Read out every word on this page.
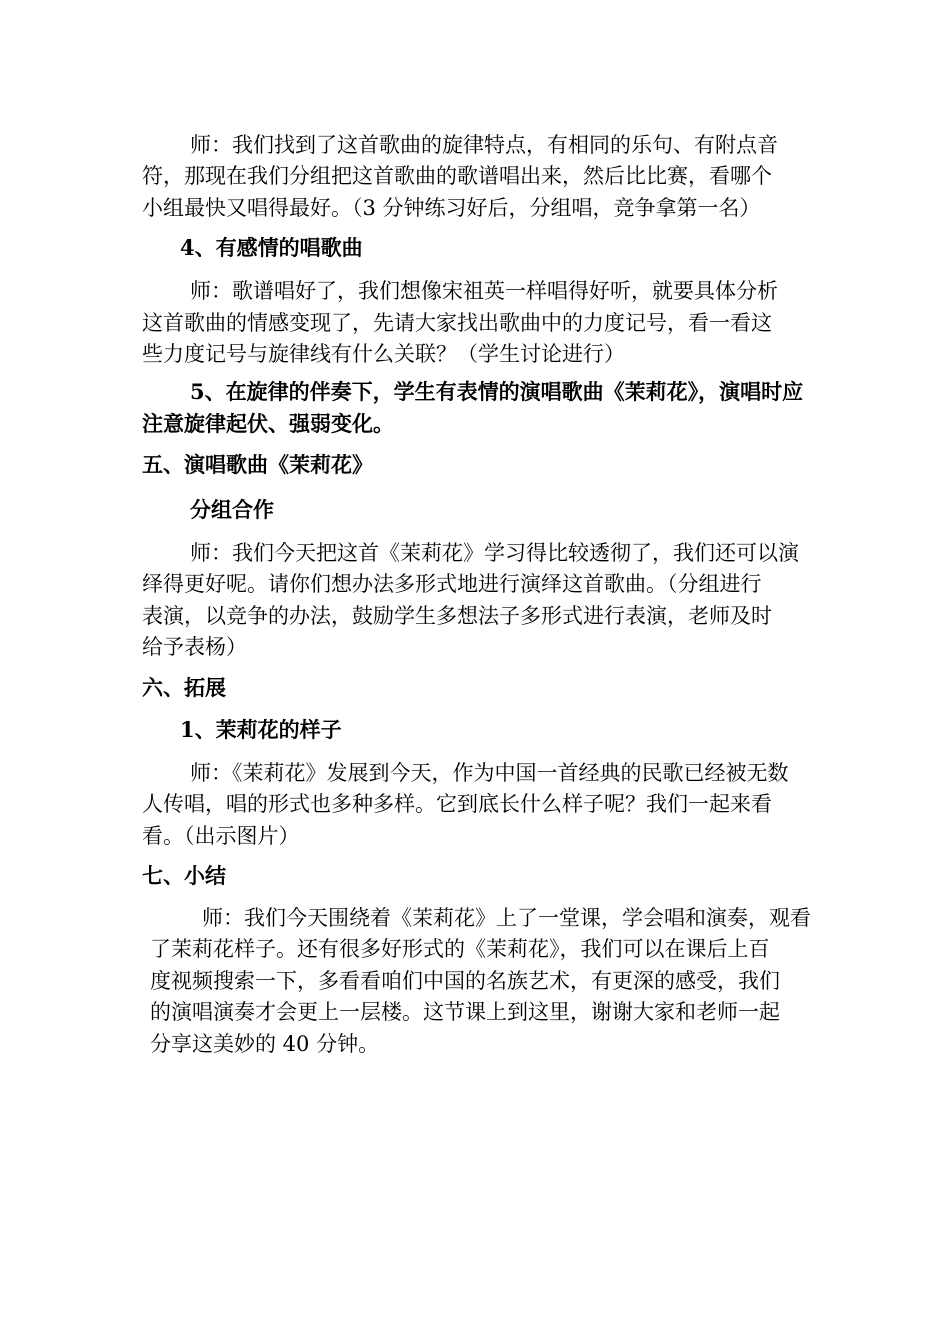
师：我们找到了这首歌曲的旋律特点，有相同的乐句、有附点音
符，那现在我们分组把这首歌曲的歌谱唱出来，然后比比赛，看哪个
小组最快又唱得最好。（3 分钟练习好后，分组唱，竞争拿第一名）
4、有感情的唱歌曲
师：歌谱唱好了，我们想像宋祖英一样唱得好听，就要具体分析
这首歌曲的情感变现了，先请大家找出歌曲中的力度记号，看一看这
些力度记号与旋律线有什么关联？（学生讨论进行）
5、在旋律的伴奏下，学生有表情的演唱歌曲《茉莉花》，演唱时应
注意旋律起伏、强弱变化。
五、演唱歌曲《茉莉花》
分组合作
师：我们今天把这首《茉莉花》学习得比较透彻了，我们还可以演
绎得更好呢。请你们想办法多形式地进行演绎这首歌曲。（分组进行
表演，以竞争的办法，鼓励学生多想法子多形式进行表演，老师及时
给予表杨）
六、拓展
1、茉莉花的样子
师：《茉莉花》发展到今天，作为中国一首经典的民歌已经被无数
人传唱，唱的形式也多种多样。它到底长什么样子呢？我们一起来看
看。（出示图片）
七、小结
师：我们今天围绕着《茉莉花》上了一堂课，学会唱和演奏，观看
了茉莉花样子。还有很多好形式的《茉莉花》，我们可以在课后上百
度视频搜索一下，多看看咱们中国的名族艺术，有更深的感受，我们
的演唱演奏才会更上一层楼。这节课上到这里，谢谢大家和老师一起
分享这美妙的 40 分钟。
